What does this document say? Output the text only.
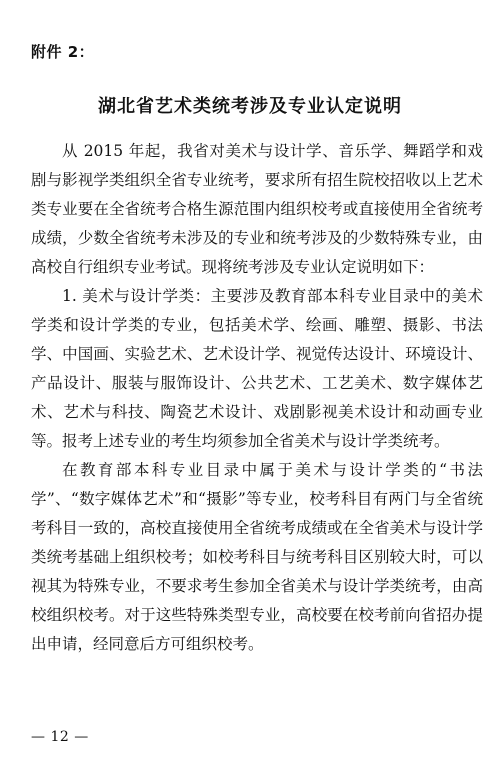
附件 2：
湖北省艺术类统考涉及专业认定说明

从 2015 年起，我省对美术与设计学、音乐学、舞蹈学和戏剧与影视学类组织全省专业统考，要求所有招生院校招收以上艺术类专业要在全省统考合格生源范围内组织校考或直接使用全省统考成绩，少数全省统考未涉及的专业和统考涉及的少数特殊专业，由高校自行组织专业考试。现将统考涉及专业认定说明如下：

1. 美术与设计学类：主要涉及教育部本科专业目录中的美术学类和设计学类的专业，包括美术学、绘画、雕塑、摄影、书法学、中国画、实验艺术、艺术设计学、视觉传达设计、环境设计、产品设计、服装与服饰设计、公共艺术、工艺美术、数字媒体艺术、艺术与科技、陶瓷艺术设计、戏剧影视美术设计和动画专业等。报考上述专业的考生均须参加全省美术与设计学类统考。

在教育部本科专业目录中属于美术与设计学类的“书法学”、“数字媒体艺术”和“摄影”等专业，校考科目有两门与全省统考科目一致的，高校直接使用全省统考成绩或在全省美术与设计学类统考基础上组织校考；如校考科目与统考科目区别较大时，可以视其为特殊专业，不要求考生参加全省美术与设计学类统考，由高校组织校考。对于这些特殊类型专业，高校要在校考前向省招办提出申请，经同意后方可组织校考。

— 12 —
